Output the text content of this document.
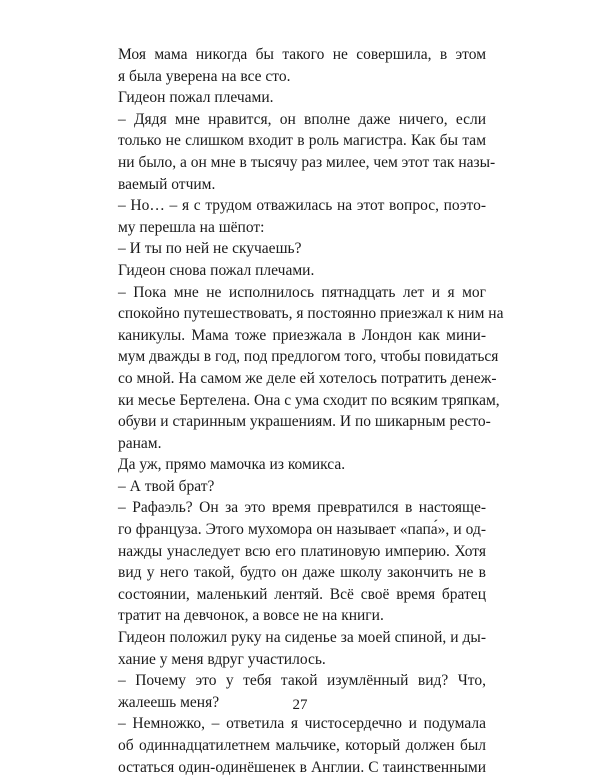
Моя мама никогда бы такого не совершила, в этом
я была уверена на все сто.
Гидеон пожал плечами.
– Дядя мне нравится, он вполне даже ничего, если
только не слишком входит в роль магистра. Как бы там
ни было, а он мне в тысячу раз милее, чем этот так назы-
ваемый отчим.
– Но… – я с трудом отважилась на этот вопрос, поэто-
му перешла на шёпот:
– И ты по ней не скучаешь?
Гидеон снова пожал плечами.
– Пока мне не исполнилось пятнадцать лет и я мог
спокойно путешествовать, я постоянно приезжал к ним на
каникулы. Мама тоже приезжала в Лондон как мини-
мум дважды в год, под предлогом того, чтобы повидаться
со мной. На самом же деле ей хотелось потратить денеж-
ки месье Бертелена. Она с ума сходит по всяким тряпкам,
обуви и старинным украшениям. И по шикарным ресто-
ранам.
Да уж, прямо мамочка из комикса.
– А твой брат?
– Рафаэль? Он за это время превратился в настояще-
го француза. Этого мухомора он называет «папа́», и од-
нажды унаследует всю его платиновую империю. Хотя
вид у него такой, будто он даже школу закончить не в
состоянии, маленький лентяй. Всё своё время братец
тратит на девчонок, а вовсе не на книги.
Гидеон положил руку на сиденье за моей спиной, и ды-
хание у меня вдруг участилось.
– Почему это у тебя такой изумлённый вид? Что,
жалеешь меня?
– Немножко, – ответила я чистосердечно и подумала
об одиннадцатилетнем мальчике, который должен был
остаться один-одинёшенек в Англии. С таинственными
27
